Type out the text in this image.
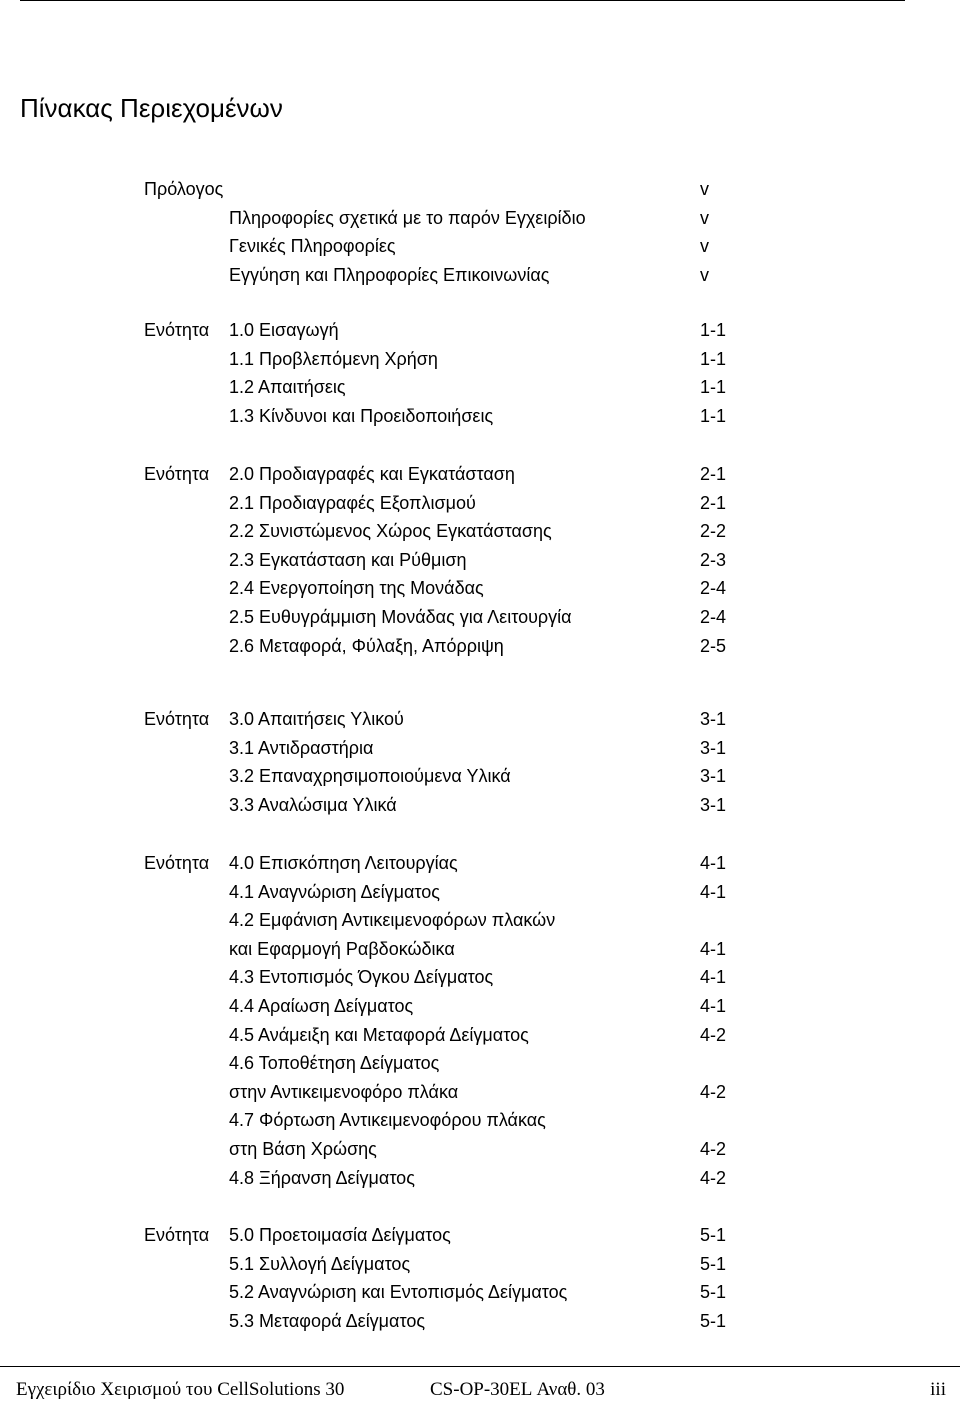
Πίνακας Περιεχομένων
Πρόλογος	v
Πληροφορίες σχετικά με το παρόν Εγχειρίδιο	v
Γενικές Πληροφορίες	v
Εγγύηση και Πληροφορίες Επικοινωνίας	v
Ενότητα 1.0 Εισαγωγή	1-1
1.1 Προβλεπόμενη Χρήση	1-1
1.2 Απαιτήσεις	1-1
1.3 Κίνδυνοι και Προειδοποιήσεις	1-1
Ενότητα 2.0 Προδιαγραφές και Εγκατάσταση	2-1
2.1 Προδιαγραφές Εξοπλισμού	2-1
2.2 Συνιστώμενος Χώρος Εγκατάστασης	2-2
2.3 Εγκατάσταση και Ρύθμιση	2-3
2.4 Ενεργοποίηση της Μονάδας	2-4
2.5 Ευθυγράμμιση Μονάδας για Λειτουργία	2-4
2.6 Μεταφορά, Φύλαξη, Απόρριψη	2-5
Ενότητα 3.0 Απαιτήσεις Υλικού	3-1
3.1 Αντιδραστήρια	3-1
3.2 Επαναχρησιμοποιούμενα Υλικά	3-1
3.3 Αναλώσιμα Υλικά	3-1
Ενότητα 4.0 Επισκόπηση Λειτουργίας	4-1
4.1 Αναγνώριση Δείγματος	4-1
4.2 Εμφάνιση Αντικειμενοφόρων πλακών
και Εφαρμογή Ραβδοκώδικα	4-1
4.3 Εντοπισμός Όγκου Δείγματος	4-1
4.4 Αραίωση Δείγματος	4-1
4.5 Ανάμειξη και Μεταφορά Δείγματος	4-2
4.6 Τοποθέτηση Δείγματος
στην Αντικειμενοφόρο πλάκα	4-2
4.7 Φόρτωση Αντικειμενοφόρου πλάκας
στη Βάση Χρώσης	4-2
4.8 Ξήρανση Δείγματος	4-2
Ενότητα 5.0 Προετοιμασία Δείγματος	5-1
5.1 Συλλογή Δείγματος	5-1
5.2 Αναγνώριση και Εντοπισμός Δείγματος	5-1
5.3 Μεταφορά Δείγματος	5-1
Εγχειρίδιο Χειρισμού του CellSolutions 30	CS-OP-30EL Αναθ. 03	iii
